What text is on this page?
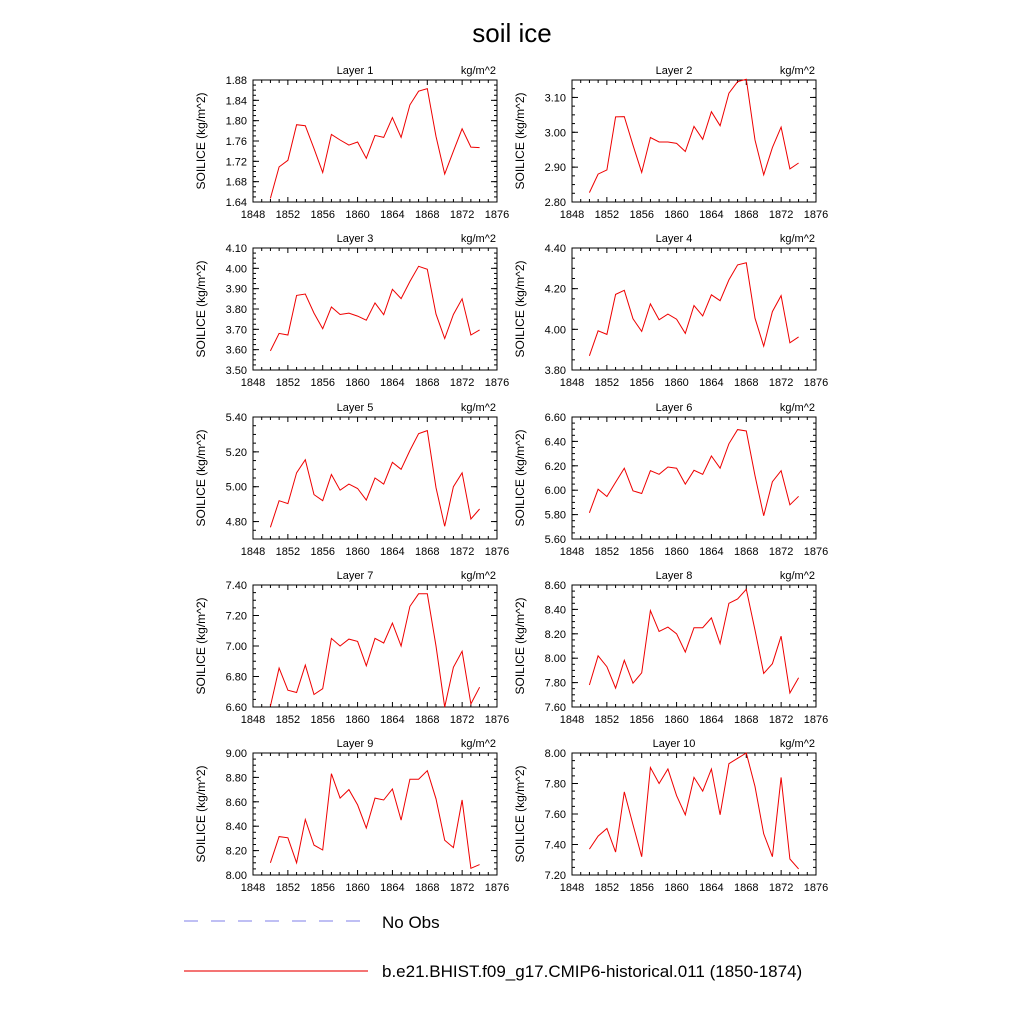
soil ice
Layer 1	kg/m^2
1848 1852 1856 1860 1864 1868 1872 1876
1.64
1.68
1.72
1.76
1.80
1.84
1.88
SOILICE (kg/m^2)
Layer 2	kg/m^2
1848 1852 1856 1860 1864 1868 1872 1876
2.80
2.90
3.00
3.10
SOILICE (kg/m^2)
Layer 3	kg/m^2
1848 1852 1856 1860 1864 1868 1872 1876
3.50
3.60
3.70
3.80
3.90
4.00
4.10
SOILICE (kg/m^2)
Layer 4	kg/m^2
1848 1852 1856 1860 1864 1868 1872 1876
3.80
4.00
4.20
4.40
SOILICE (kg/m^2)
Layer 5	kg/m^2
1848 1852 1856 1860 1864 1868 1872 1876
4.80
5.00
5.20
5.40
SOILICE (kg/m^2)
Layer 6	kg/m^2
1848 1852 1856 1860 1864 1868 1872 1876
5.60
5.80
6.00
6.20
6.40
6.60
SOILICE (kg/m^2)
Layer 7	kg/m^2
1848 1852 1856 1860 1864 1868 1872 1876
6.60
6.80
7.00
7.20
7.40
SOILICE (kg/m^2)
Layer 8	kg/m^2
1848 1852 1856 1860 1864 1868 1872 1876
7.60
7.80
8.00
8.20
8.40
8.60
SOILICE (kg/m^2)
Layer 9	kg/m^2
1848 1852 1856 1860 1864 1868 1872 1876
8.00
8.20
8.40
8.60
8.80
9.00
SOILICE (kg/m^2)
Layer 10	kg/m^2
1848 1852 1856 1860 1864 1868 1872 1876
7.20
7.40
7.60
7.80
8.00
SOILICE (kg/m^2)
No Obs
b.e21.BHIST.f09_g17.CMIP6-historical.011 (1850-1874)
